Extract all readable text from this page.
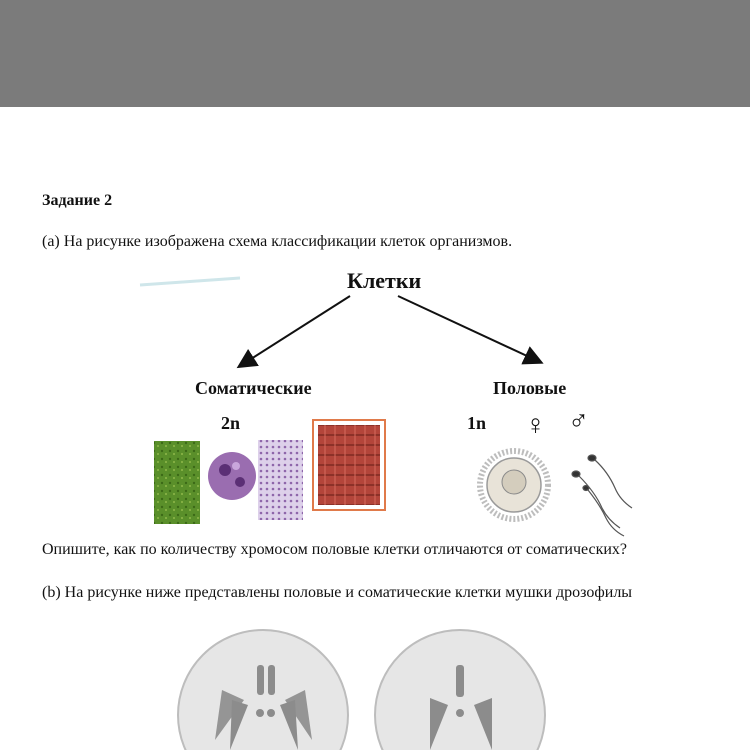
Задание 2
(а) На рисунке изображена схема классификации клеток организмов.
Клетки
Соматические	Половые
2n	1n ♀ ♂
Опишите, как по количеству хромосом половые клетки отличаются от соматических?
(b) На рисунке ниже представлены половые и соматические клетки мушки дрозофилы
